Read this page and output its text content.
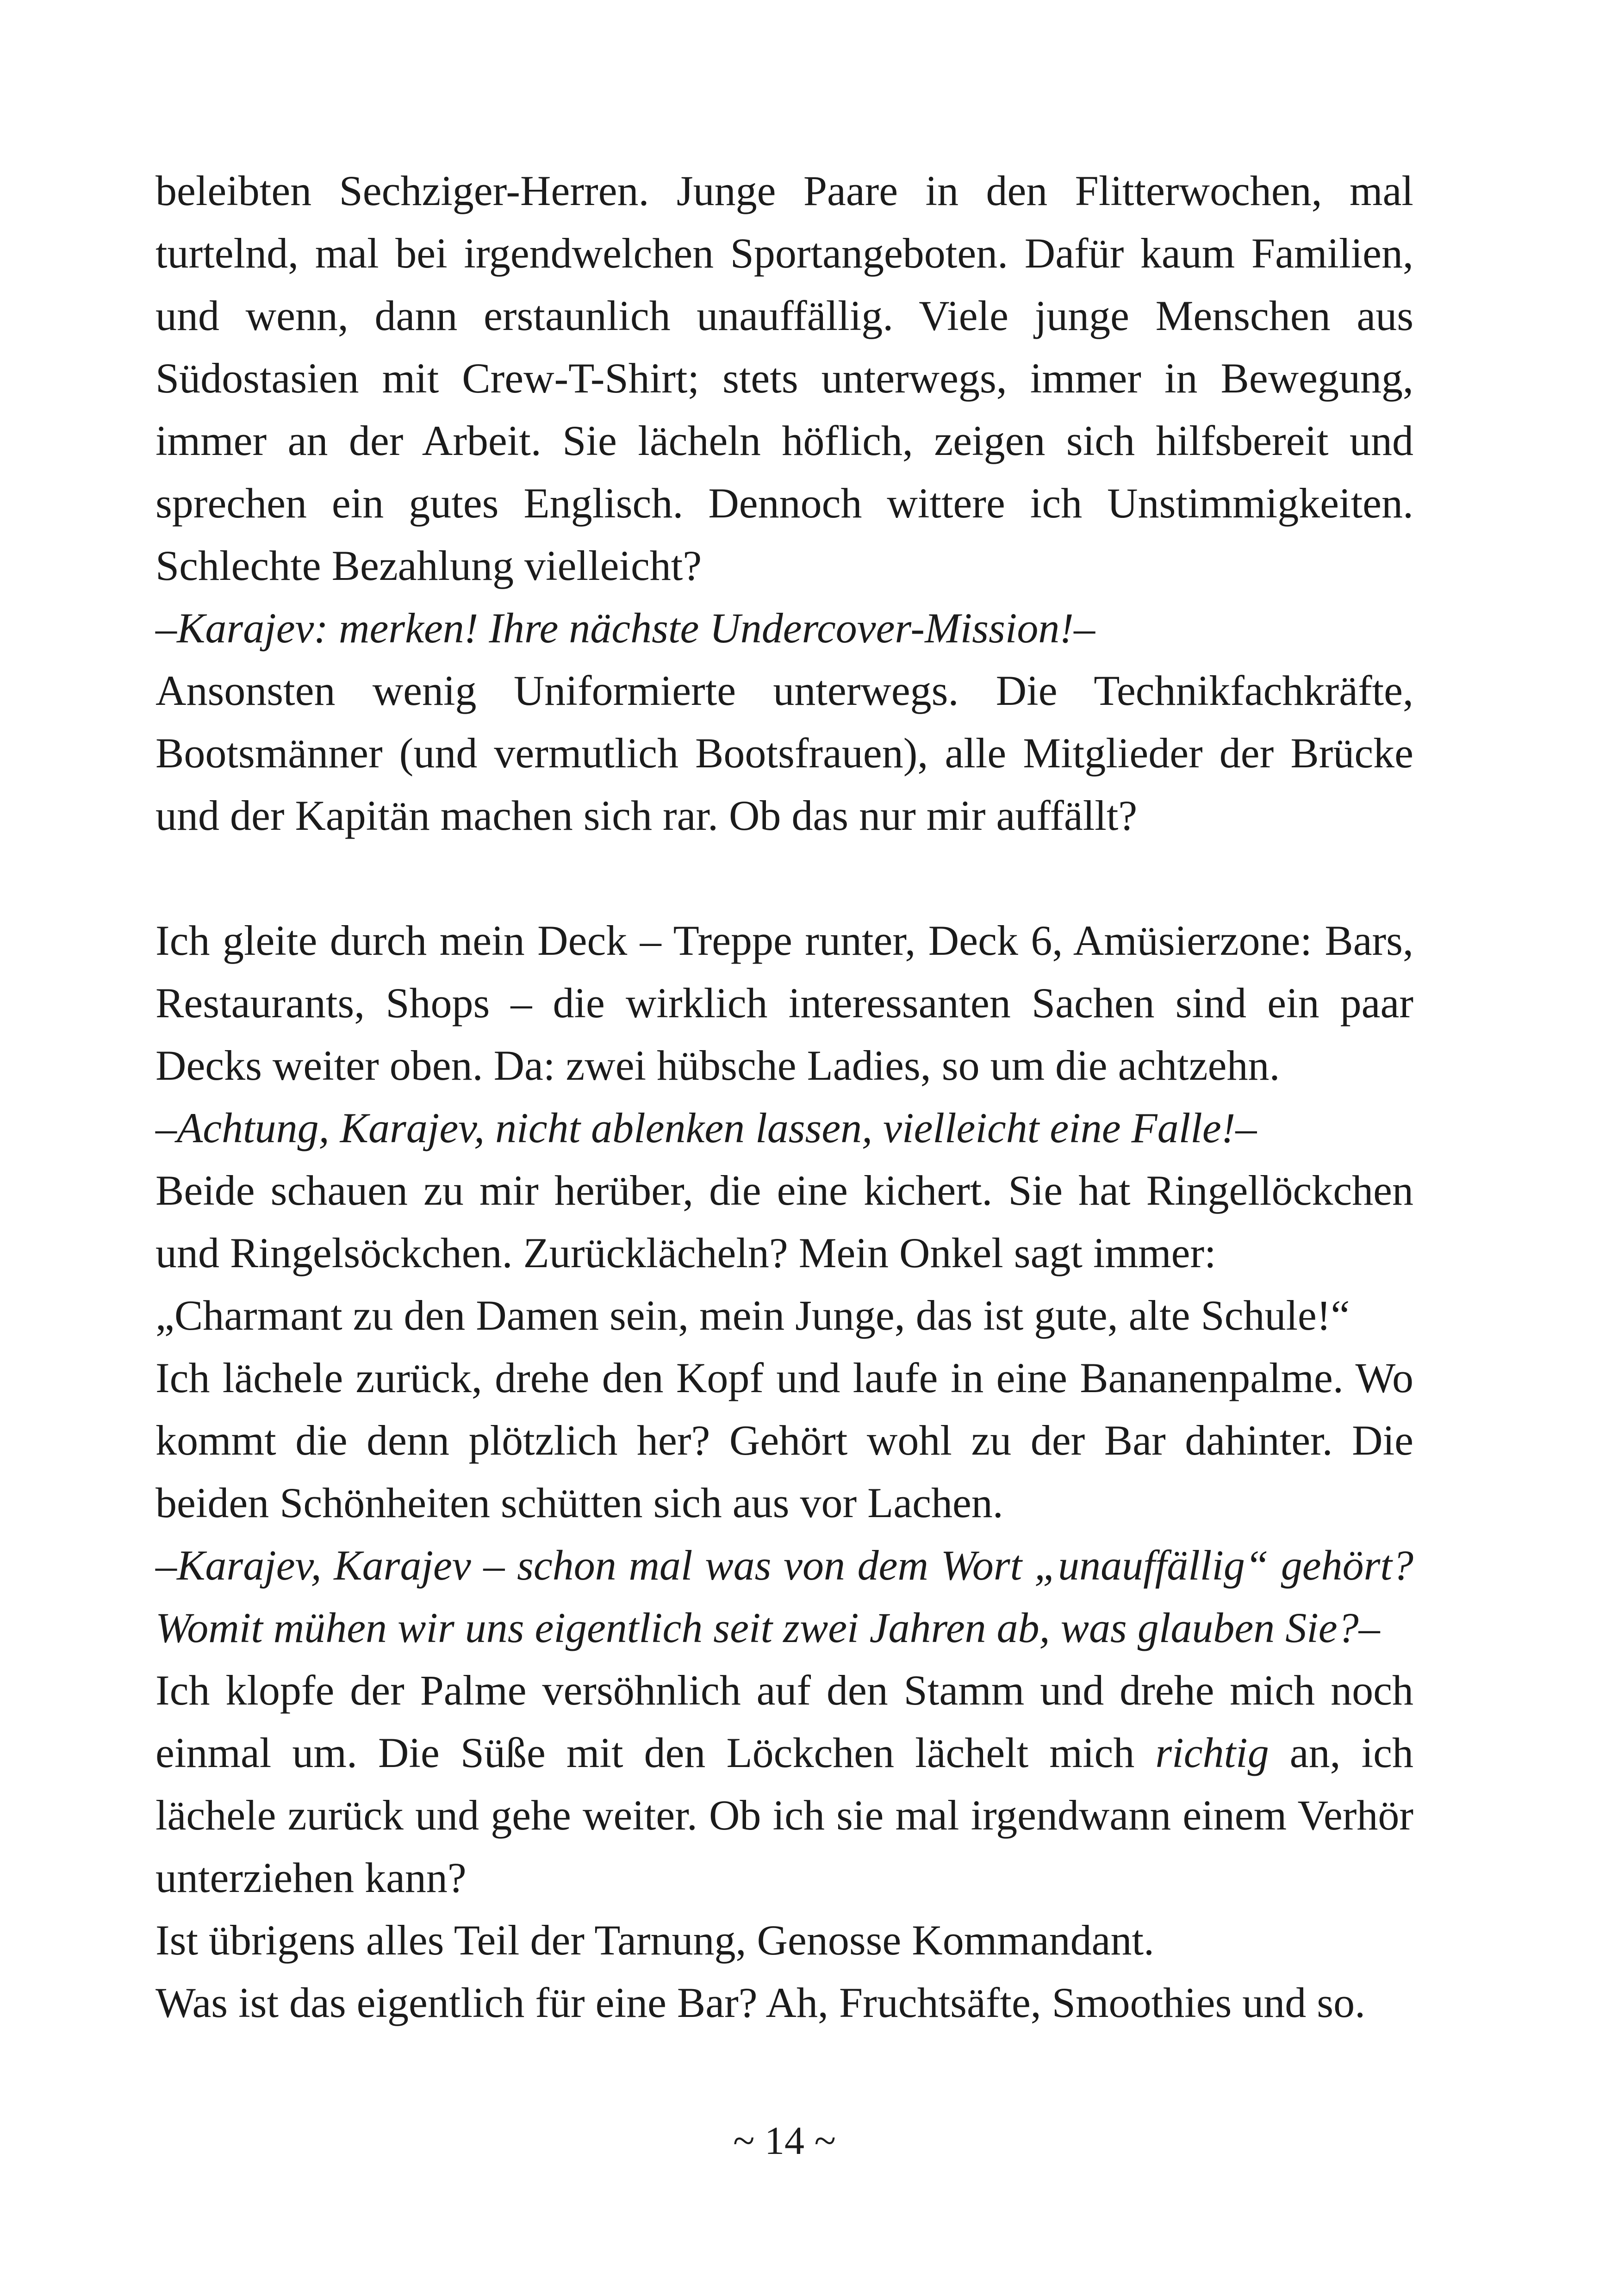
beleibten Sechziger-Herren. Junge Paare in den Flitterwochen, mal turtelnd, mal bei irgendwelchen Sportangeboten. Dafür kaum Familien, und wenn, dann erstaunlich unauffällig. Viele junge Menschen aus Südostasien mit Crew-T-Shirt; stets unterwegs, immer in Bewegung, immer an der Arbeit. Sie lächeln höflich, zeigen sich hilfsbereit und sprechen ein gutes Englisch. Dennoch wittere ich Unstimmigkeiten. Schlechte Bezahlung vielleicht?

–Karajev: merken! Ihre nächste Undercover-Mission!–

Ansonsten wenig Uniformierte unterwegs. Die Technikfachkräfte, Bootsmänner (und vermutlich Bootsfrauen), alle Mitglieder der Brücke und der Kapitän machen sich rar. Ob das nur mir auffällt?

Ich gleite durch mein Deck – Treppe runter, Deck 6, Amüsierzone: Bars, Restaurants, Shops – die wirklich interessanten Sachen sind ein paar Decks weiter oben. Da: zwei hübsche Ladies, so um die achtzehn.

–Achtung, Karajev, nicht ablenken lassen, vielleicht eine Falle!–

Beide schauen zu mir herüber, die eine kichert. Sie hat Ringellöckchen und Ringelsöckchen. Zurücklächeln? Mein Onkel sagt immer:

„Charmant zu den Damen sein, mein Junge, das ist gute, alte Schule!“

Ich lächele zurück, drehe den Kopf und laufe in eine Bananenpalme. Wo kommt die denn plötzlich her? Gehört wohl zu der Bar dahinter. Die beiden Schönheiten schütten sich aus vor Lachen.

–Karajev, Karajev – schon mal was von dem Wort „unauffällig“ gehört? Womit mühen wir uns eigentlich seit zwei Jahren ab, was glauben Sie?–

Ich klopfe der Palme versöhnlich auf den Stamm und drehe mich noch einmal um. Die Süße mit den Löckchen lächelt mich richtig an, ich lächele zurück und gehe weiter. Ob ich sie mal irgendwann einem Verhör unterziehen kann?

Ist übrigens alles Teil der Tarnung, Genosse Kommandant.

Was ist das eigentlich für eine Bar? Ah, Fruchtsäfte, Smoothies und so.

~ 14 ~
